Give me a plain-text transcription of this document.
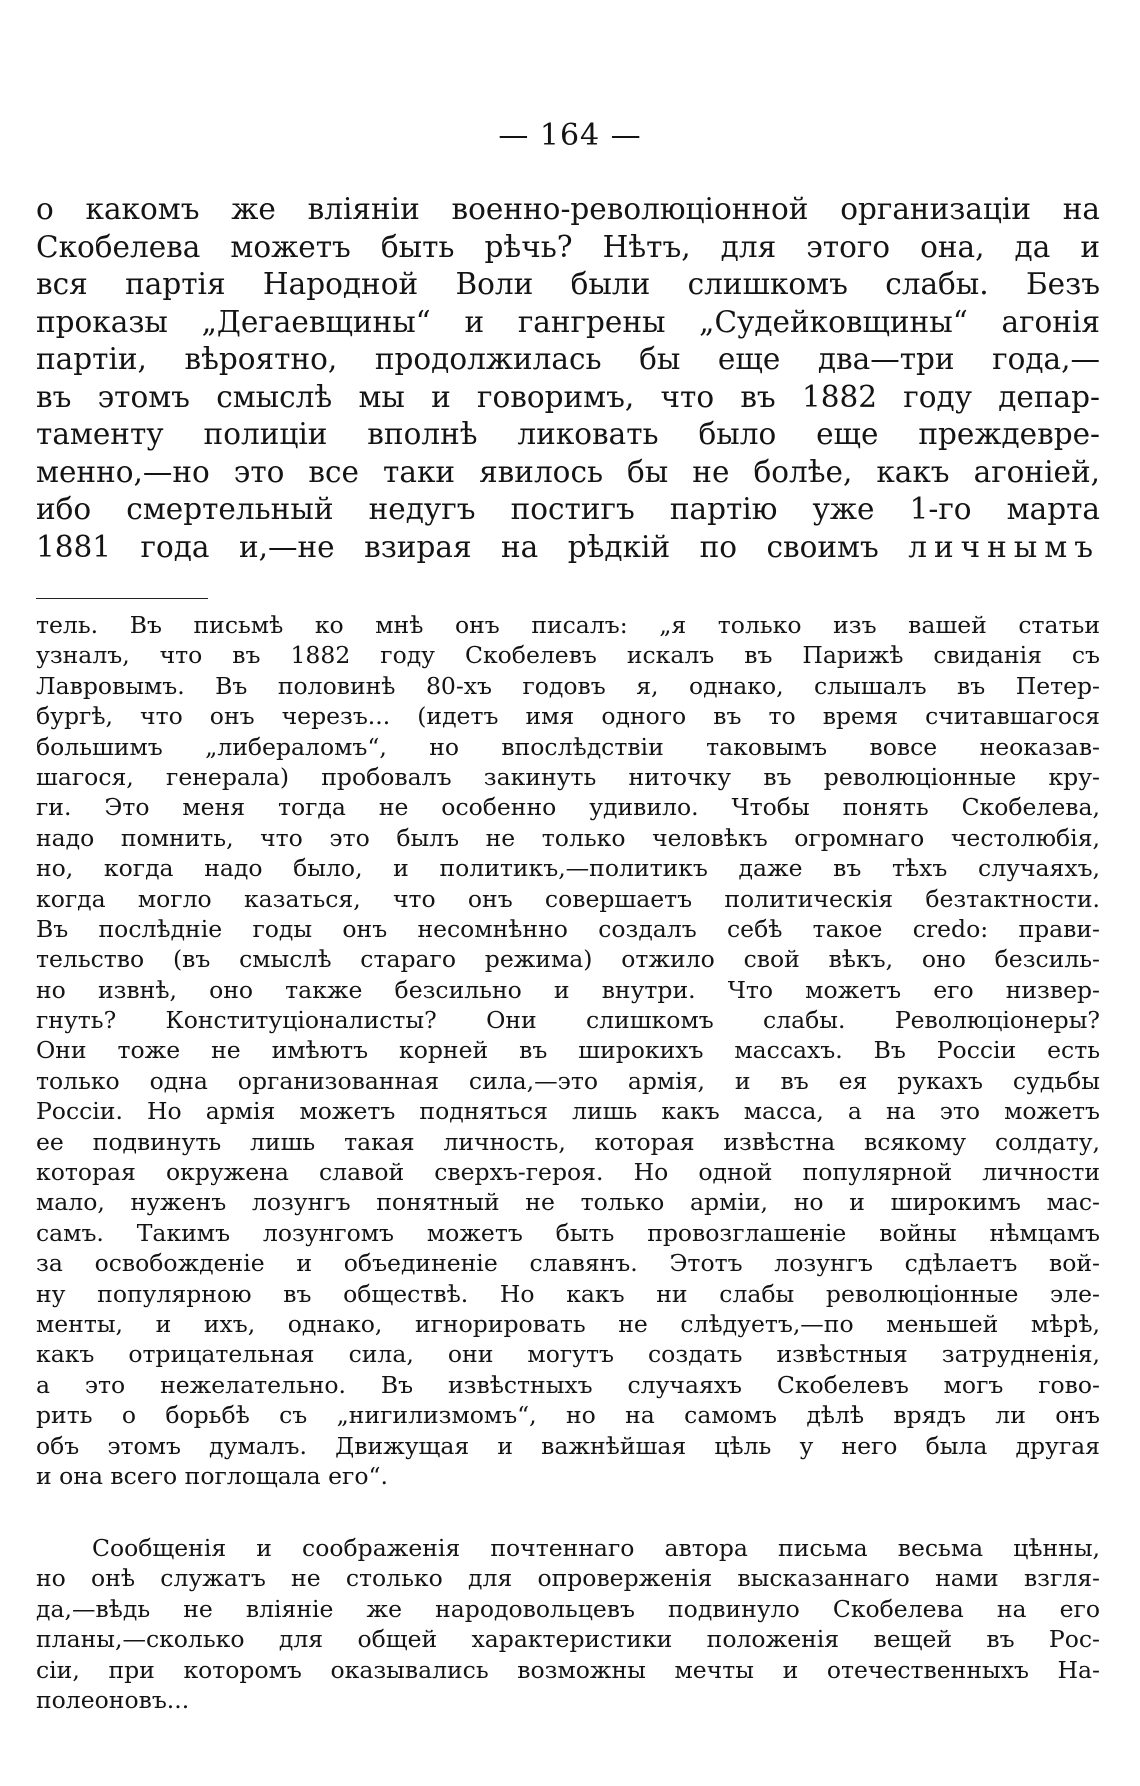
— 164 —
о какомъ же вліяніи военно-революціонной организаціи на
Скобелева можетъ быть рѣчь? Нѣтъ, для этого она, да и
вся партія Народной Воли были слишкомъ слабы. Безъ
проказы „Дегаевщины“ и гангрены „Судейковщины“ агонія
партіи, вѣроятно, продолжилась бы еще два—три года,—
въ этомъ смыслѣ мы и говоримъ, что въ 1882 году депар-
таменту полиціи вполнѣ ликовать было еще преждевре-
менно,—но это все таки явилось бы не болѣе, какъ агоніей,
ибо смертельный недугъ постигъ партію уже 1-го марта
1881 года и,—не взирая на рѣдкій по своимъ личнымъ
тель. Въ письмѣ ко мнѣ онъ писалъ: „я только изъ вашей статьи
узналъ, что въ 1882 году Скобелевъ искалъ въ Парижѣ свиданія съ
Лавровымъ. Въ половинѣ 80-хъ годовъ я, однако, слышалъ въ Петер-
бургѣ, что онъ черезъ... (идетъ имя одного въ то время считавшагося
большимъ „либераломъ“, но впослѣдствіи таковымъ вовсе неоказав-
шагося, генерала) пробовалъ закинуть ниточку въ революціонные кру-
ги. Это меня тогда не особенно удивило. Чтобы понять Скобелева,
надо помнить, что это былъ не только человѣкъ огромнаго честолюбія,
но, когда надо было, и политикъ,—политикъ даже въ тѣхъ случаяхъ,
когда могло казаться, что онъ совершаетъ политическія безтактности.
Въ послѣдніе годы онъ несомнѣнно создалъ себѣ такое credo: прави-
тельство (въ смыслѣ стараго режима) отжило свой вѣкъ, оно безсиль-
но извнѣ, оно также безсильно и внутри. Что можетъ его низвер-
гнуть? Конституціоналисты? Они слишкомъ слабы. Революціонеры?
Они тоже не имѣютъ корней въ широкихъ массахъ. Въ Россіи есть
только одна организованная сила,—это армія, и въ ея рукахъ судьбы
Россіи. Но армія можетъ подняться лишь какъ масса, а на это можетъ
ее подвинуть лишь такая личность, которая извѣстна всякому солдату,
которая окружена славой сверхъ-героя. Но одной популярной личности
мало, нуженъ лозунгъ понятный не только арміи, но и широкимъ мас-
самъ. Такимъ лозунгомъ можетъ быть провозглашеніе войны нѣмцамъ
за освобожденіе и объединеніе славянъ. Этотъ лозунгъ сдѣлаетъ вой-
ну популярною въ обществѣ. Но какъ ни слабы революціонные эле-
менты, и ихъ, однако, игнорировать не слѣдуетъ,—по меньшей мѣрѣ,
какъ отрицательная сила, они могутъ создать извѣстныя затрудненія,
а это нежелательно. Въ извѣстныхъ случаяхъ Скобелевъ могъ гово-
рить о борьбѣ съ „нигилизмомъ“, но на самомъ дѣлѣ врядъ ли онъ
объ этомъ думалъ. Движущая и важнѣйшая цѣль у него была другая
и она всего поглощала его“.
Сообщенія и соображенія почтеннаго автора письма весьма цѣнны,
но онѣ служатъ не столько для опроверженія высказаннаго нами взгля-
да,—вѣдь не вліяніе же народовольцевъ подвинуло Скобелева на его
планы,—сколько для общей характеристики положенія вещей въ Рос-
сіи, при которомъ оказывались возможны мечты и отечественныхъ На-
полеоновъ...
